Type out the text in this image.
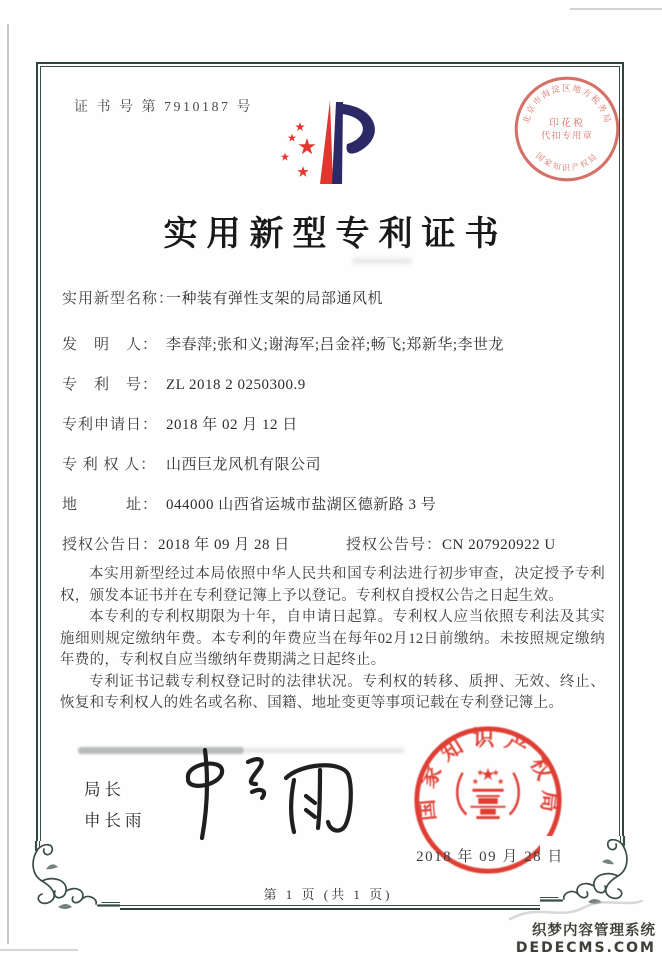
证 书 号 第 7910187 号
北京市海淀区地方税务局
国家知识产权局
印花税
代扣专用章
实用新型专利证书
实用新型名称：
一种装有弹性支架的局部通风机
发　明　人： 李春萍;张和义;谢海军;吕金祥;畅飞;郑新华;李世龙
专　利　号： ZL 2018 2 0250300.9
专利申请日： 2018 年 02 月 12 日
专 利 权 人： 山西巨龙风机有限公司
地　　　址： 044000 山西省运城市盐湖区德新路 3 号
授权公告日： 2018 年 09 月 28 日	授权公告号： CN 207920922 U

本实用新型经过本局依照中华人民共和国专利法进行初步审查，决定授予专利权，颁发本证书并在专利登记簿上予以登记。专利权自授权公告之日起生效。

本专利的专利权期限为十年，自申请日起算。专利权人应当依照专利法及其实施细则规定缴纳年费。本专利的年费应当在每年02月12日前缴纳。未按照规定缴纳年费的，专利权自应当缴纳年费期满之日起终止。

专利证书记载专利权登记时的法律状况。专利权的转移、质押、无效、终止、恢复和专利权人的姓名或名称、国籍、地址变更等事项记载在专利登记簿上。

局长
申长雨	国家知识产权局
2018 年 09 月 28 日
第 1 页 (共 1 页)
织梦内容管理系统
DEDECMS.COM
